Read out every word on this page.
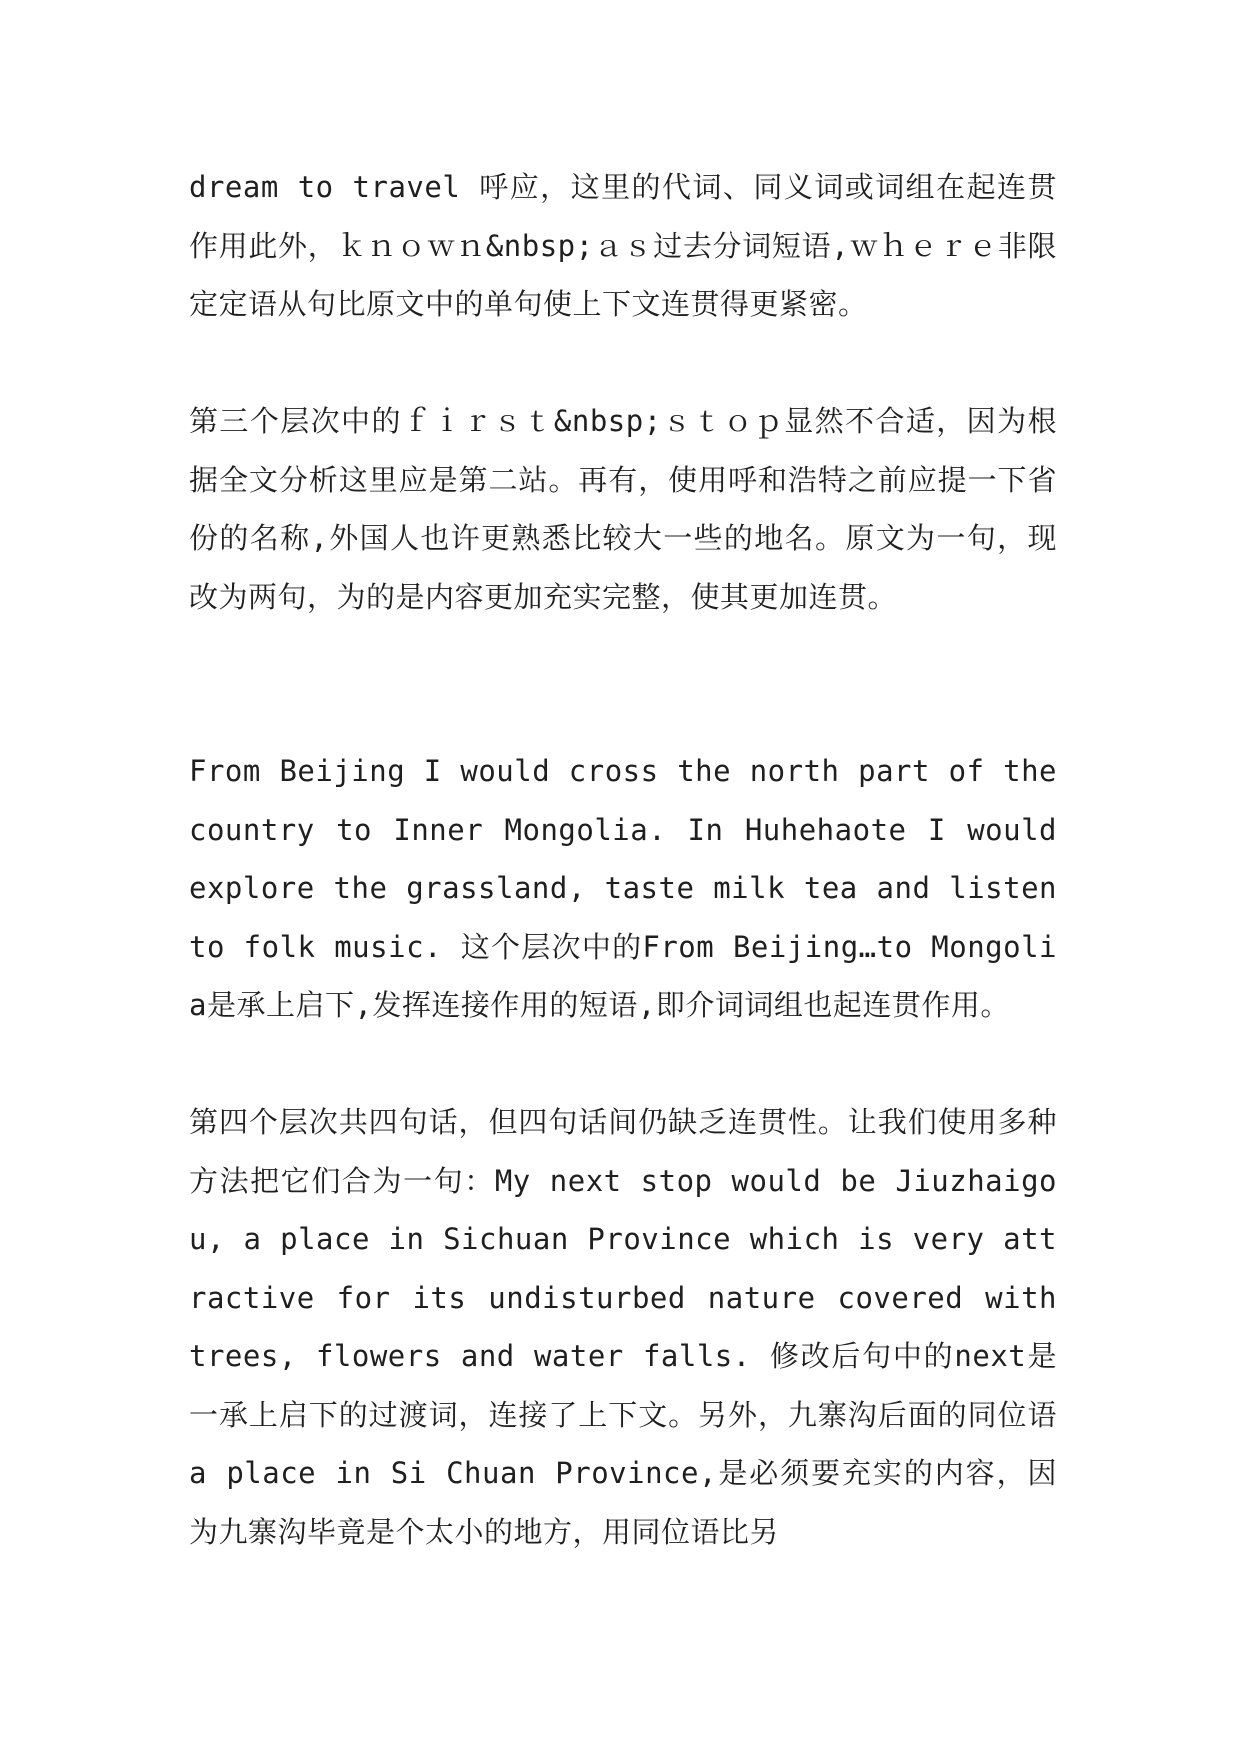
dream to travel 呼应，这里的代词、同义词或词组在起连贯作用此外，ｋｎｏｗｎ&nbsp;ａｓ过去分词短语,ｗｈｅｒｅ非限定定语从句比原文中的单句使上下文连贯得更紧密。

第三个层次中的ｆｉｒｓｔ&nbsp;ｓｔｏｐ显然不合适，因为根据全文分析这里应是第二站。再有，使用呼和浩特之前应提一下省份的名称,外国人也许更熟悉比较大一些的地名。原文为一句，现改为两句，为的是内容更加充实完整，使其更加连贯。

From Beijing I would cross the north part of the country to Inner Mongolia. In Huhehaote I would explore the grassland, taste milk tea and listen to folk music. 这个层次中的From Beijing…to Mongolia是承上启下,发挥连接作用的短语,即介词词组也起连贯作用。

第四个层次共四句话，但四句话间仍缺乏连贯性。让我们使用多种方法把它们合为一句：My next stop would be Jiuzhaigou, a place in Sichuan Province which is very attractive for its undisturbed nature covered with trees, flowers and water falls. 修改后句中的next是一承上启下的过渡词，连接了上下文。另外，九寨沟后面的同位语a place in Si Chuan Province,是必须要充实的内容，因为九寨沟毕竟是个太小的地方，用同位语比另
